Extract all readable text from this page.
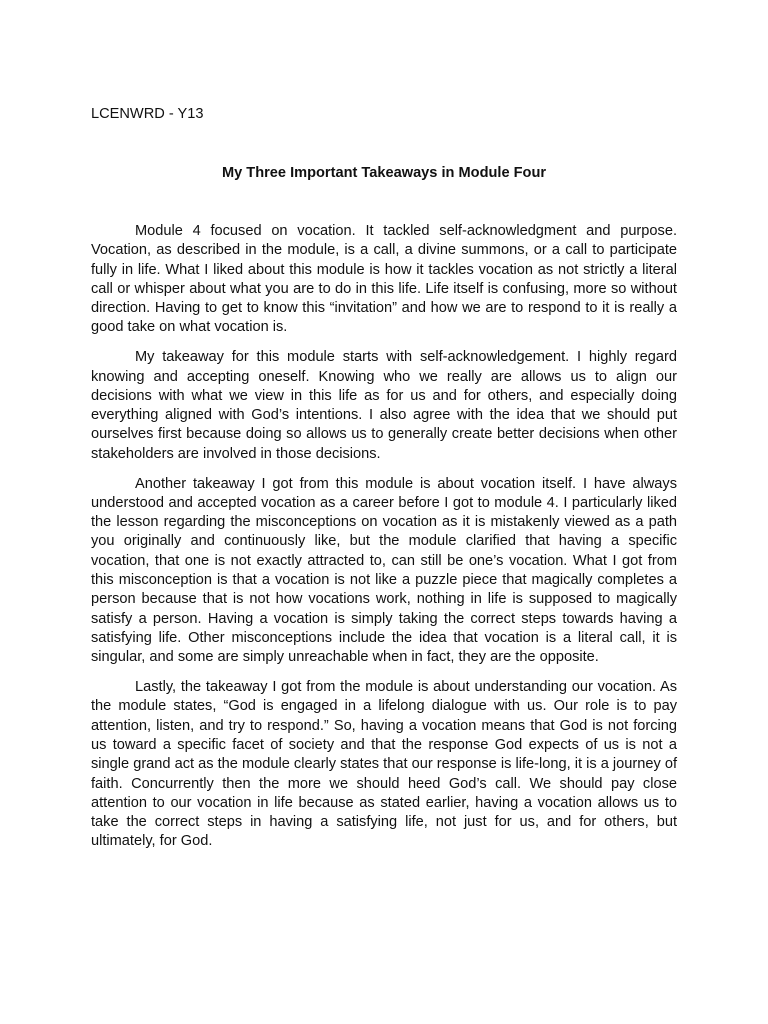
LCENWRD - Y13

My Three Important Takeaways in Module Four

Module 4 focused on vocation. It tackled self-acknowledgment and purpose. Vocation, as described in the module, is a call, a divine summons, or a call to participate fully in life. What I liked about this module is how it tackles vocation as not strictly a literal call or whisper about what you are to do in this life. Life itself is confusing, more so without direction. Having to get to know this “invitation” and how we are to respond to it is really a good take on what vocation is.

My takeaway for this module starts with self-acknowledgement. I highly regard knowing and accepting oneself. Knowing who we really are allows us to align our decisions with what we view in this life as for us and for others, and especially doing everything aligned with God’s intentions. I also agree with the idea that we should put ourselves first because doing so allows us to generally create better decisions when other stakeholders are involved in those decisions.

Another takeaway I got from this module is about vocation itself. I have always understood and accepted vocation as a career before I got to module 4. I particularly liked the lesson regarding the misconceptions on vocation as it is mistakenly viewed as a path you originally and continuously like, but the module clarified that having a specific vocation, that one is not exactly attracted to, can still be one’s vocation. What I got from this misconception is that a vocation is not like a puzzle piece that magically completes a person because that is not how vocations work, nothing in life is supposed to magically satisfy a person. Having a vocation is simply taking the correct steps towards having a satisfying life. Other misconceptions include the idea that vocation is a literal call, it is singular, and some are simply unreachable when in fact, they are the opposite.

Lastly, the takeaway I got from the module is about understanding our vocation. As the module states, “God is engaged in a lifelong dialogue with us. Our role is to pay attention, listen, and try to respond.” So, having a vocation means that God is not forcing us toward a specific facet of society and that the response God expects of us is not a single grand act as the module clearly states that our response is life-long, it is a journey of faith. Concurrently then the more we should heed God’s call. We should pay close attention to our vocation in life because as stated earlier, having a vocation allows us to take the correct steps in having a satisfying life, not just for us, and for others, but ultimately, for God.
